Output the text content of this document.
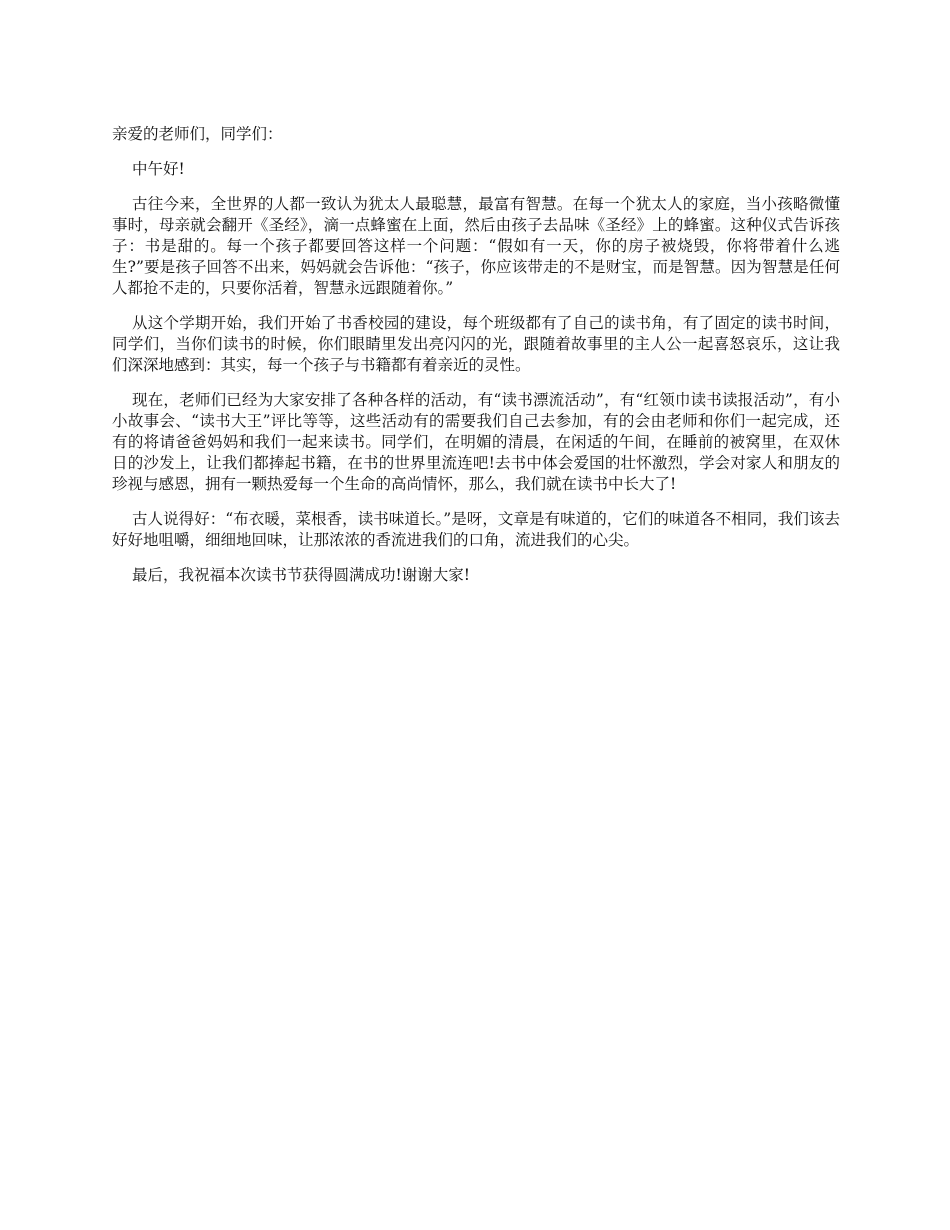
亲爱的老师们，同学们：

中午好!

古往今来，全世界的人都一致认为犹太人最聪慧，最富有智慧。在每一个犹太人的家庭，当小孩略微懂事时，母亲就会翻开《圣经》，滴一点蜂蜜在上面，然后由孩子去品味《圣经》上的蜂蜜。这种仪式告诉孩子：书是甜的。每一个孩子都要回答这样一个问题：“假如有一天，你的房子被烧毁，你将带着什么逃生?”要是孩子回答不出来，妈妈就会告诉他：“孩子，你应该带走的不是财宝，而是智慧。因为智慧是任何人都抢不走的，只要你活着，智慧永远跟随着你。”

从这个学期开始，我们开始了书香校园的建设，每个班级都有了自己的读书角，有了固定的读书时间，同学们，当你们读书的时候，你们眼睛里发出亮闪闪的光，跟随着故事里的主人公一起喜怒哀乐，这让我们深深地感到：其实，每一个孩子与书籍都有着亲近的灵性。

现在，老师们已经为大家安排了各种各样的活动，有“读书漂流活动”，有“红领巾读书读报活动”，有小小故事会、“读书大王”评比等等，这些活动有的需要我们自己去参加，有的会由老师和你们一起完成，还有的将请爸爸妈妈和我们一起来读书。同学们，在明媚的清晨，在闲适的午间，在睡前的被窝里，在双休日的沙发上，让我们都捧起书籍，在书的世界里流连吧!去书中体会爱国的壮怀激烈，学会对家人和朋友的珍视与感恩，拥有一颗热爱每一个生命的高尚情怀，那么，我们就在读书中长大了!

古人说得好：“布衣暖，菜根香，读书味道长。”是呀，文章是有味道的，它们的味道各不相同，我们该去好好地咀嚼，细细地回味，让那浓浓的香流进我们的口角，流进我们的心尖。

最后，我祝福本次读书节获得圆满成功!谢谢大家!
